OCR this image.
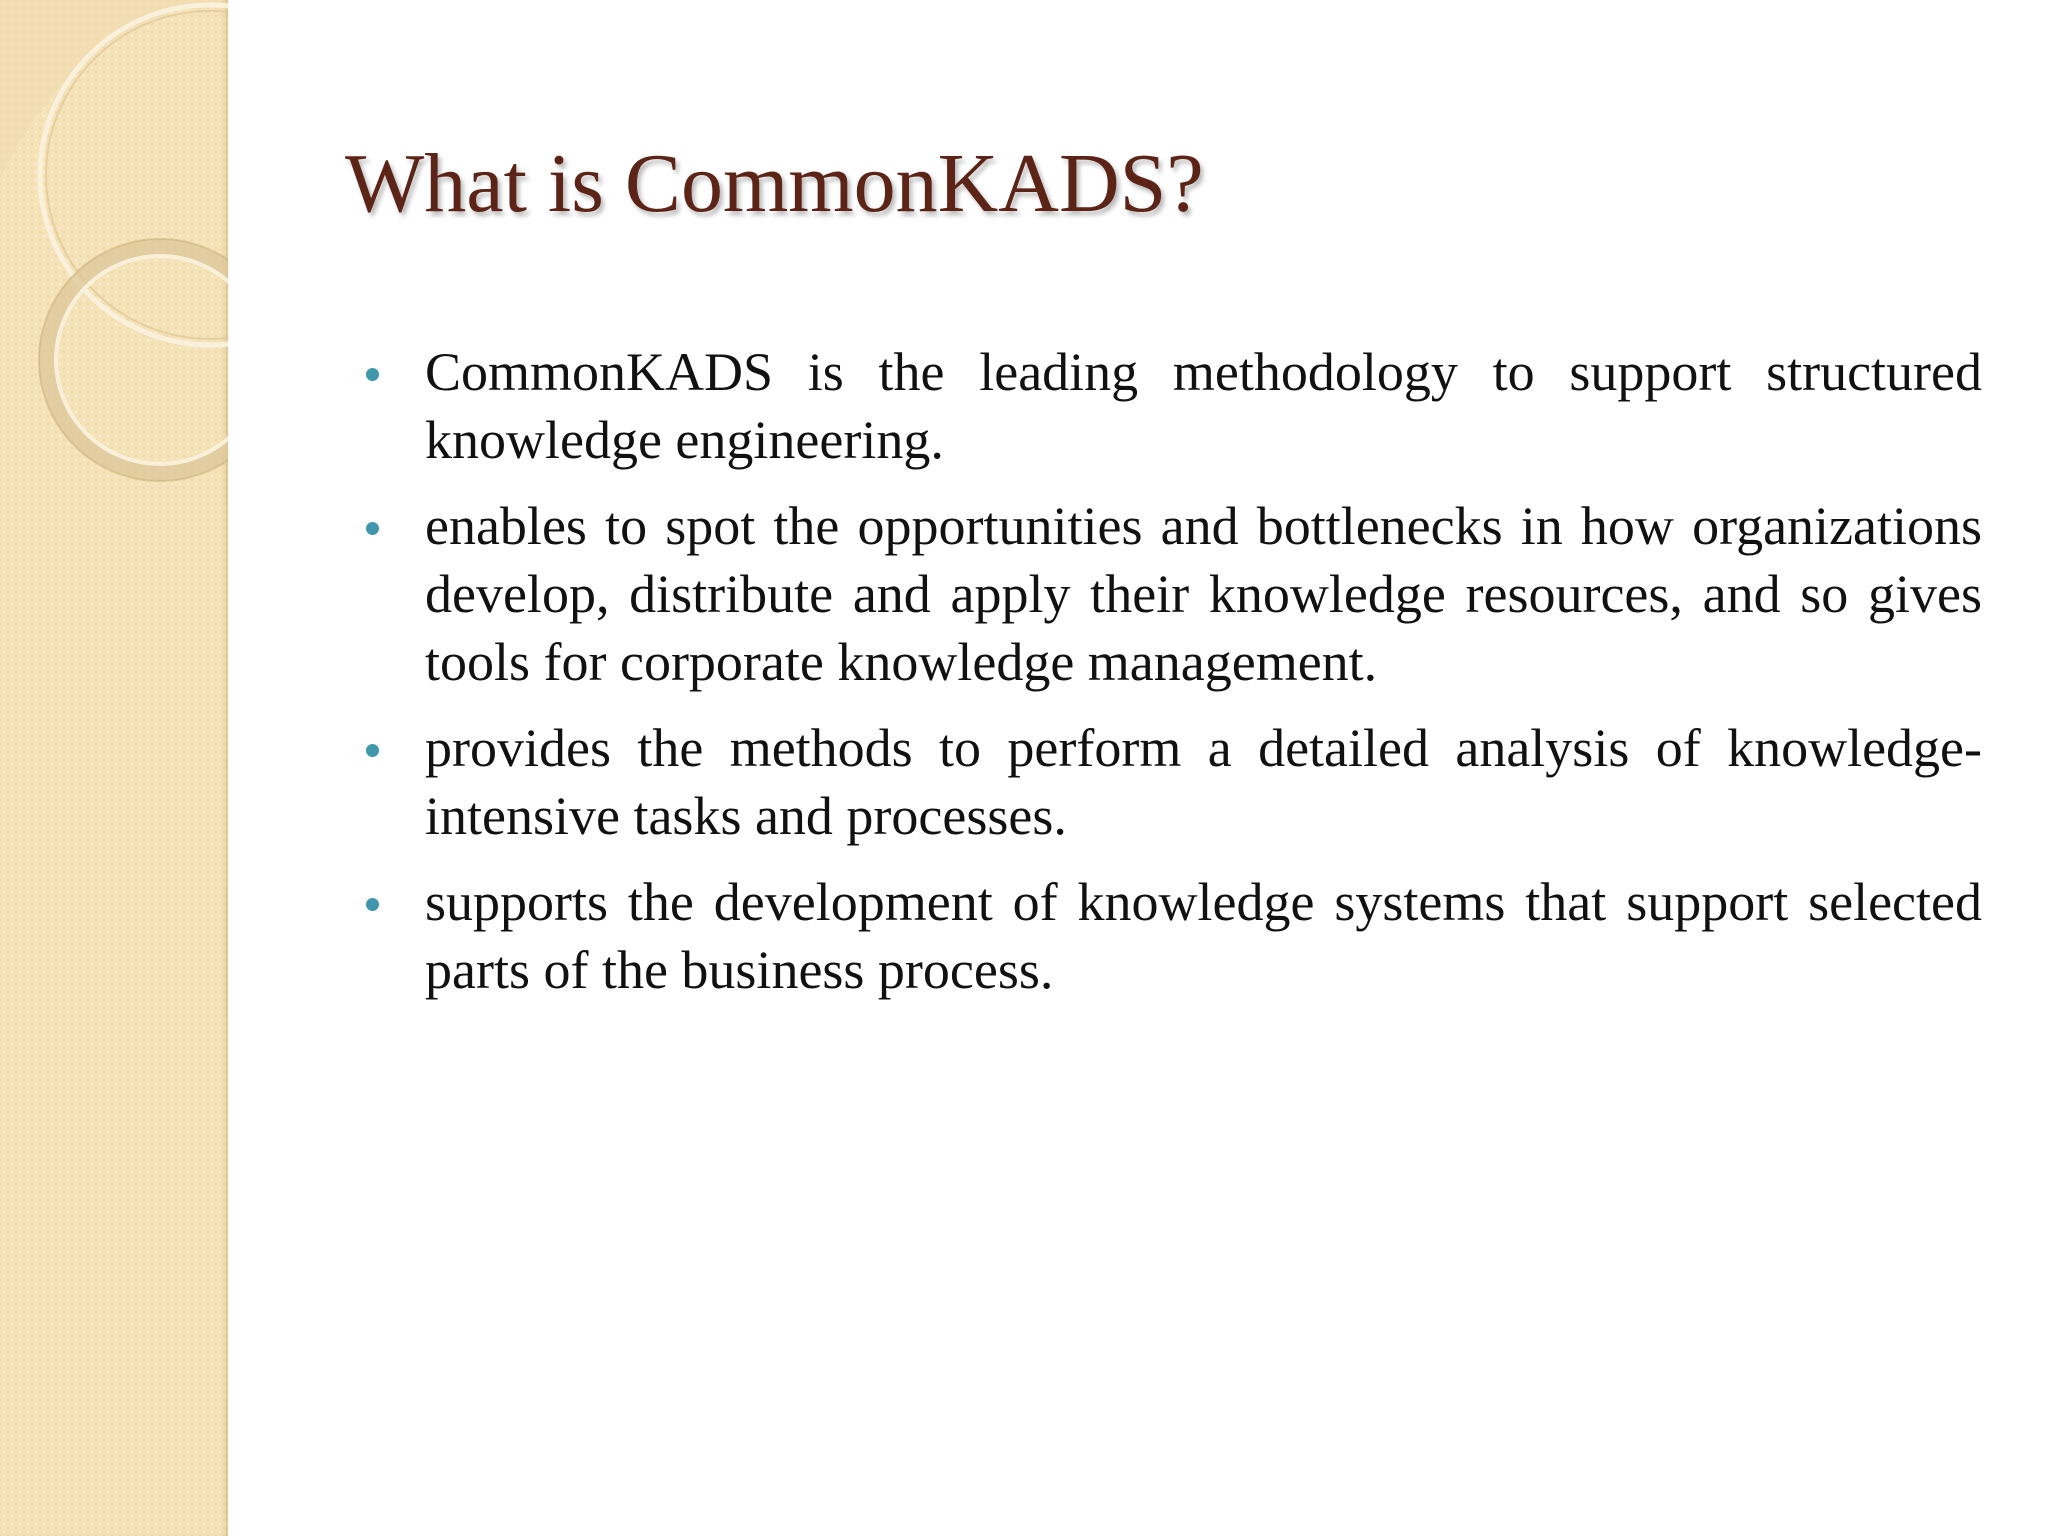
What is CommonKADS?
CommonKADS is the leading methodology to support structured knowledge engineering.
enables to spot the opportunities and bottlenecks in how organizations develop, distribute and apply their knowledge resources, and so gives tools for corporate knowledge management.
provides the methods to perform a detailed analysis of knowledge-intensive tasks and processes.
supports the development of knowledge systems that support selected parts of the business process.
